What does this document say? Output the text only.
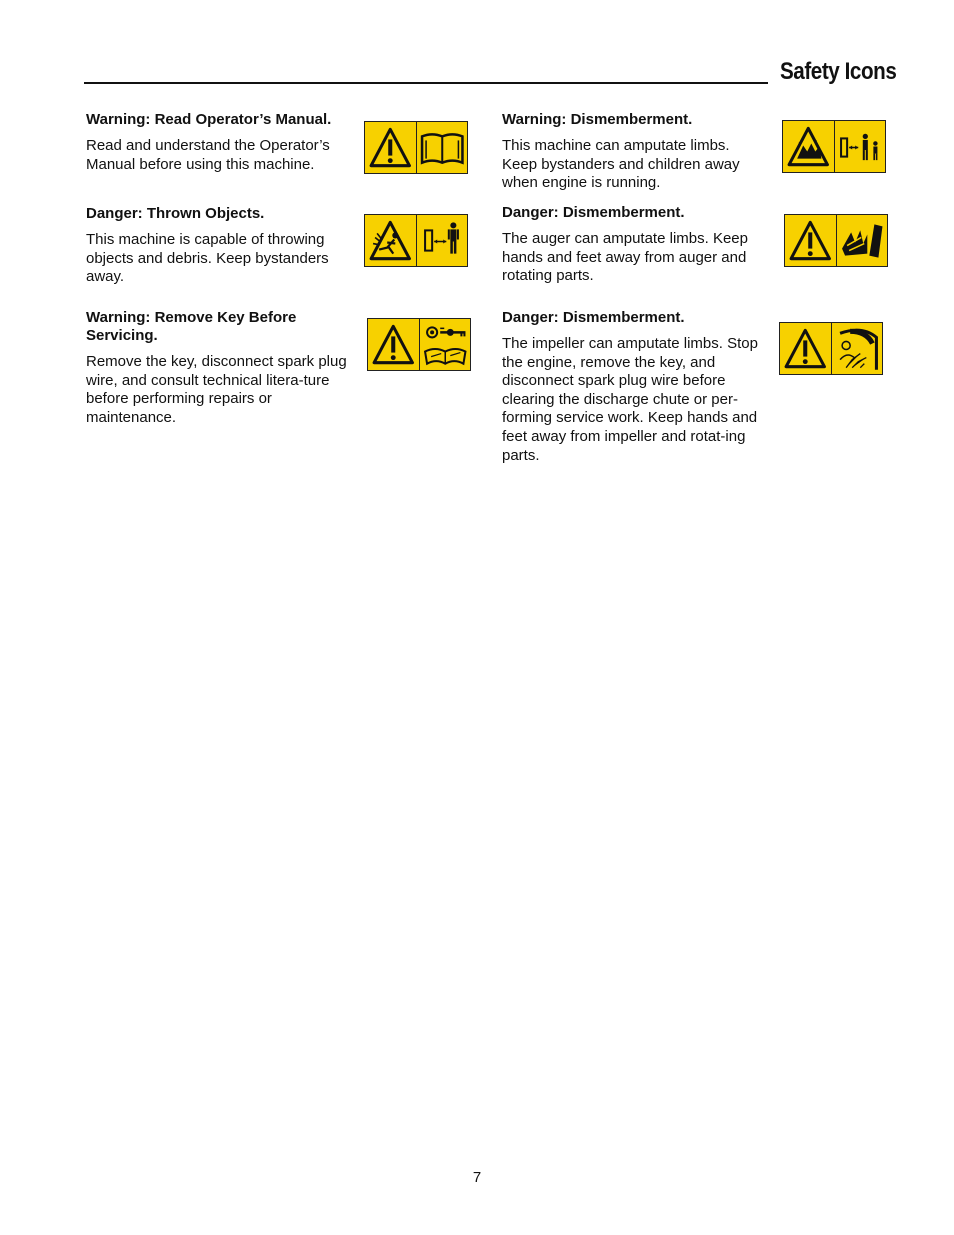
Safety Icons
Warning: Read Operator’s Manual.

Read and understand the Operator’s Manual before using this machine.

Danger: Thrown Objects.

This machine is capable of throwing objects and debris. Keep bystanders away.

Warning: Remove Key Before Servicing.

Remove the key, disconnect spark plug wire, and consult technical litera-ture before performing repairs or maintenance.

Warning: Dismemberment.

This machine can amputate limbs. Keep bystanders and children away when engine is running.

Danger: Dismemberment.

The auger can amputate limbs. Keep hands and feet away from auger and rotating parts.

Danger: Dismemberment.

The impeller can amputate limbs. Stop the engine, remove the key, and disconnect spark plug wire before clearing the discharge chute or per-forming service work. Keep hands and feet away from impeller and rotat-ing parts.

7
